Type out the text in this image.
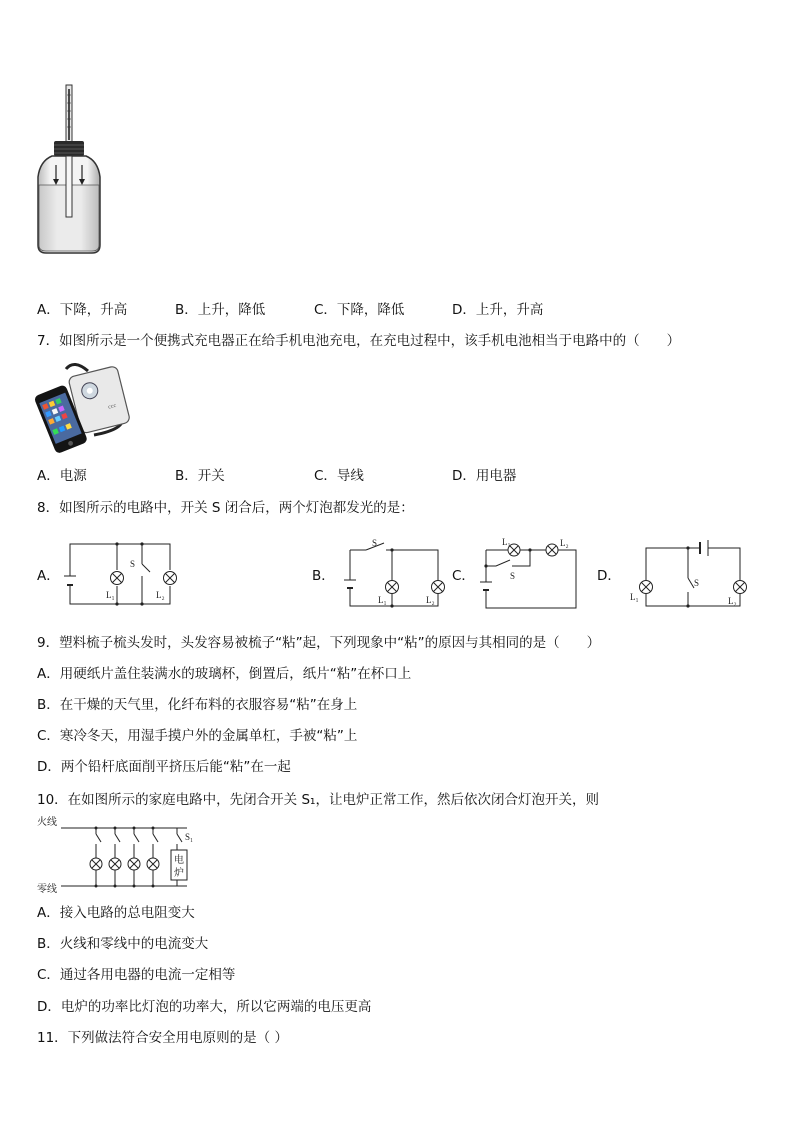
A．下降，升高	B．上升，降低	C．下降，降低	D．上升，升高
7．如图所示是一个便携式充电器正在给手机电池充电，在充电过程中，该手机电池相当于电路中的（　　）
ccc
A．电源	B．开关	C．导线	D．用电器
8．如图所示的电路中，开关 S 闭合后，两个灯泡都发光的是：
A．
S
L₁	L₂
B．
S
L₁	L₂
C．
L₁	L₂
S	D．	S
L₁	L₂
9．塑料梳子梳头发时，头发容易被梳子“粘”起，下列现象中“粘”的原因与其相同的是（　　）
A．用硬纸片盖住装满水的玻璃杯，倒置后，纸片“粘”在杯口上
B．在干燥的天气里，化纤布料的衣服容易“粘”在身上
C．寒冷冬天，用湿手摸户外的金属单杠，手被“粘”上
D．两个铅杆底面削平挤压后能“粘”在一起
10．在如图所示的家庭电路中，先闭合开关 S₁，让电炉正常工作，然后依次闭合灯泡开关，则
火线
零线
S₁
电
炉
A．接入电路的总电阻变大
B．火线和零线中的电流变大
C．通过各用电器的电流一定相等
D．电炉的功率比灯泡的功率大，所以它两端的电压更高
11．下列做法符合安全用电原则的是（ ）
